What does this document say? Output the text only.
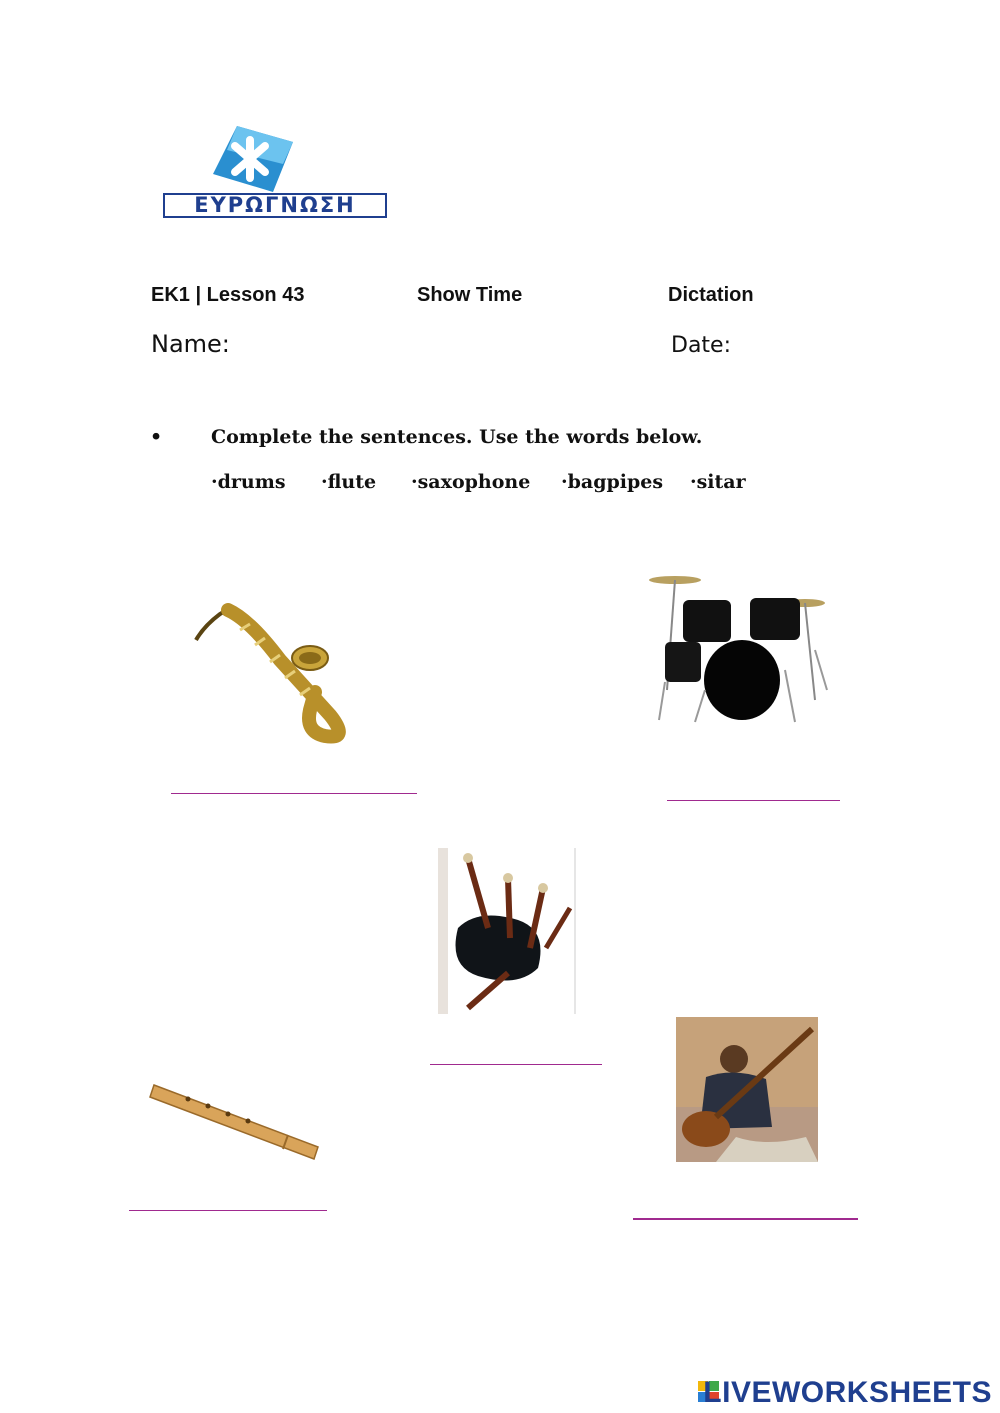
ΕΥΡΩΓΝΩΣΗ
EK1 | Lesson 43	Show Time	Dictation
Name:	Date:
•	Complete the sentences. Use the words below.
·drums ·flute ·saxophone ·bagpipes ·sitar
LIVEWORKSHEETS
